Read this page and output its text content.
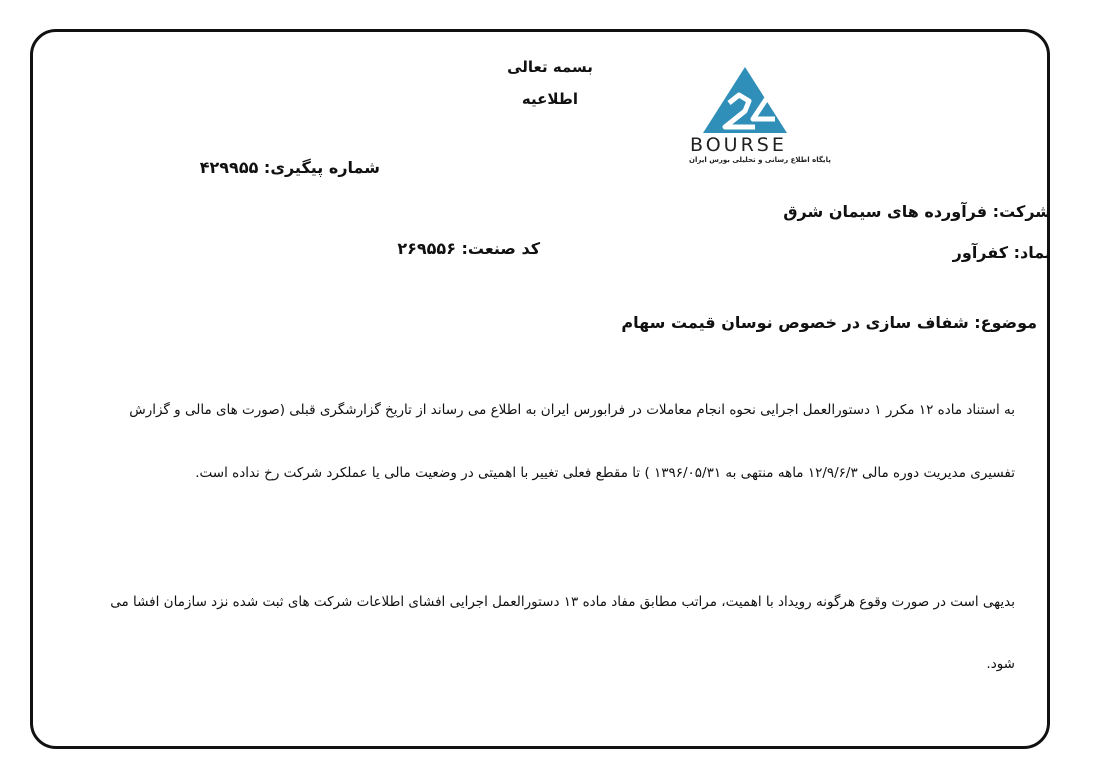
بسمه تعالی
اطلاعیه
BOURSE
پایگاه اطلاع رسانی و تحلیلی بورس ایران
شماره پیگیری: ۴۲۹۹۵۵
شرکت: فرآورده های سیمان شرق
نماد: کفرآور
کد صنعت: ۲۶۹۵۵۶
موضوع: شفاف سازی در خصوص نوسان قیمت سهام
به استناد ماده ۱۲ مکرر ۱ دستورالعمل اجرایی نحوه انجام معاملات در فرابورس ایران به اطلاع می رساند از تاریخ گزارشگری قبلی (صورت های مالی و گزارش
تفسیری مدیریت دوره مالی ۱۲/۹/۶/۳ ماهه منتهی به ۱۳۹۶/۰۵/۳۱ ) تا مقطع فعلی تغییر با اهمیتی در وضعیت مالی یا عملکرد شرکت رخ نداده است.
بدیهی است در صورت وقوع هرگونه رویداد با اهمیت، مراتب مطابق مفاد ماده ۱۳ دستورالعمل اجرایی افشای اطلاعات شرکت های ثبت شده نزد سازمان افشا می
شود.
